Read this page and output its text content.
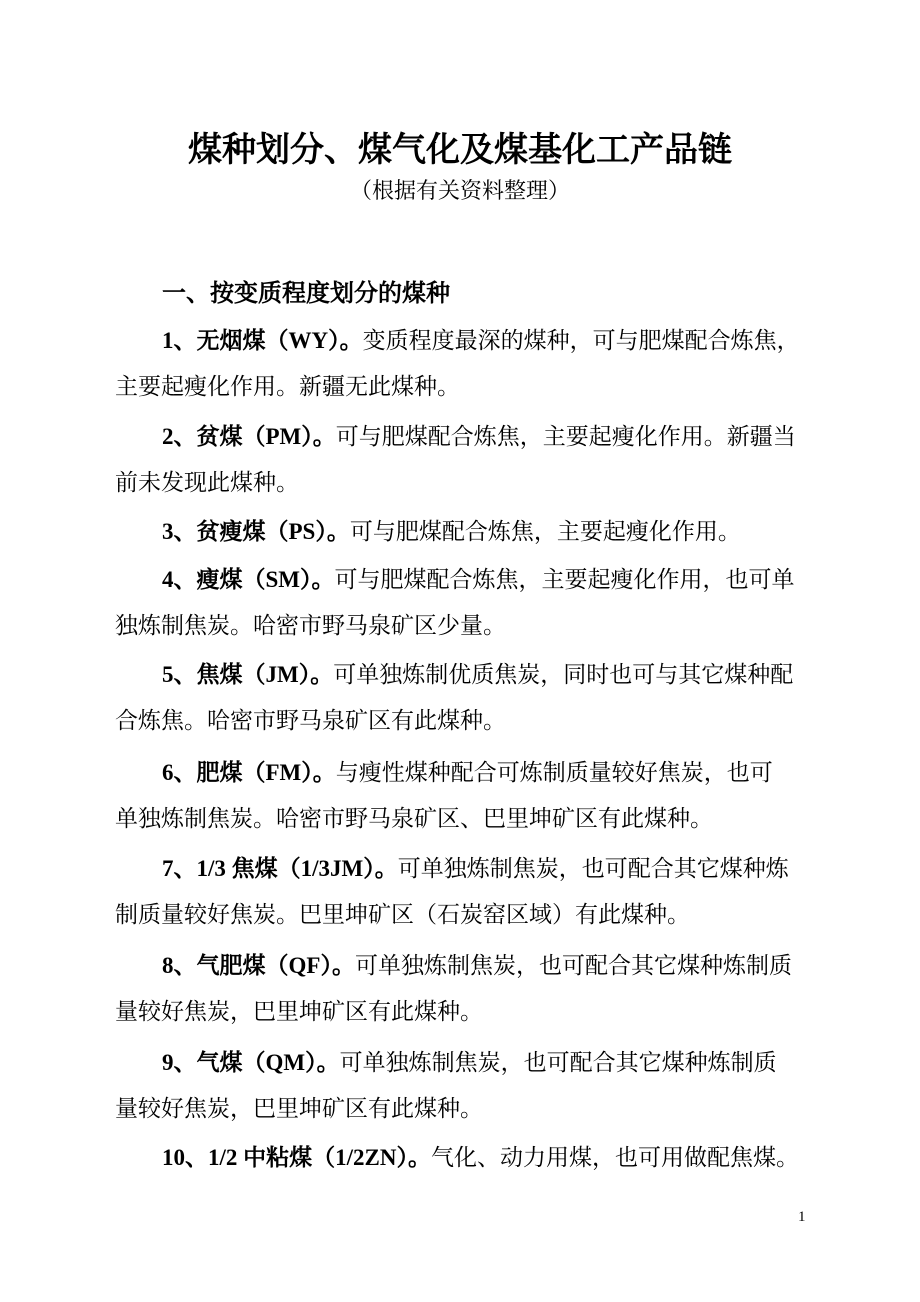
煤种划分、煤气化及煤基化工产品链
（根据有关资料整理）
一、按变质程度划分的煤种
1、无烟煤（WY）。变质程度最深的煤种，可与肥煤配合炼焦，
主要起瘦化作用。新疆无此煤种。
2、贫煤（PM）。可与肥煤配合炼焦，主要起瘦化作用。新疆当
前未发现此煤种。
3、贫瘦煤（PS）。可与肥煤配合炼焦，主要起瘦化作用。
4、瘦煤（SM）。可与肥煤配合炼焦，主要起瘦化作用，也可单
独炼制焦炭。哈密市野马泉矿区少量。
5、焦煤（JM）。可单独炼制优质焦炭，同时也可与其它煤种配
合炼焦。哈密市野马泉矿区有此煤种。
6、肥煤（FM）。与瘦性煤种配合可炼制质量较好焦炭，也可
单独炼制焦炭。哈密市野马泉矿区、巴里坤矿区有此煤种。
7、1/3 焦煤（1/3JM）。可单独炼制焦炭，也可配合其它煤种炼
制质量较好焦炭。巴里坤矿区（石炭窑区域）有此煤种。
8、气肥煤（QF）。可单独炼制焦炭，也可配合其它煤种炼制质
量较好焦炭，巴里坤矿区有此煤种。
9、气煤（QM）。可单独炼制焦炭，也可配合其它煤种炼制质
量较好焦炭，巴里坤矿区有此煤种。
10、1/2 中粘煤（1/2ZN）。气化、动力用煤，也可用做配焦煤。
1
